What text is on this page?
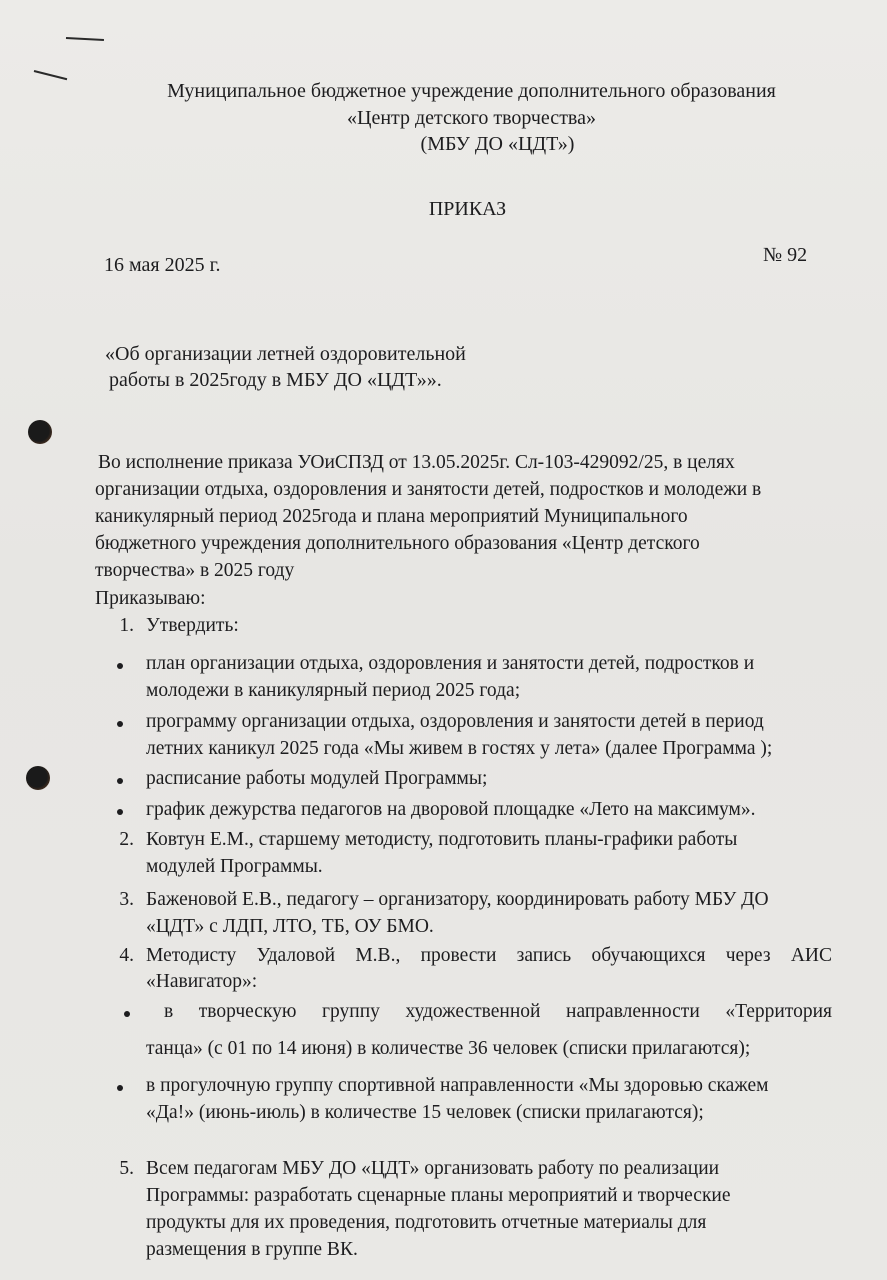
Муниципальное бюджетное учреждение дополнительного образования
«Центр детского творчества»
(МБУ ДО «ЦДТ»)
ПРИКАЗ
16 мая 2025 г.	№ 92
«Об организации летней оздоровительной
работы в 2025году в МБУ ДО «ЦДТ»».
Во исполнение приказа УОиСПЗД от 13.05.2025г. Сл-103-429092/25, в целях
организации отдыха, оздоровления и занятости детей, подростков и молодежи в
каникулярный период 2025года и плана мероприятий Муниципального
бюджетного учреждения дополнительного образования «Центр детского
творчества» в 2025 году
Приказываю:
1. Утвердить:
план организации отдыха, оздоровления и занятости детей, подростков и
молодежи в каникулярный период 2025 года;
программу организации отдыха, оздоровления и занятости детей в период
летних каникул 2025 года «Мы живем в гостях у лета» (далее Программа );
расписание работы модулей Программы;
график дежурства педагогов на дворовой площадке «Лето на максимум».
2. Ковтун Е.М., старшему методисту, подготовить планы-графики работы
модулей Программы.
3. Баженовой Е.В., педагогу – организатору, координировать работу МБУ ДО
«ЦДТ» с ЛДП, ЛТО, ТБ, ОУ БМО.
4. Методисту Удаловой М.В., провести запись обучающихся через АИС
«Навигатор»:
в творческую группу художественной направленности «Территория
танца» (с 01 по 14 июня) в количестве 36 человек (списки прилагаются);
в прогулочную группу спортивной направленности «Мы здоровью скажем
«Да!» (июнь-июль) в количестве 15 человек (списки прилагаются);
5. Всем педагогам МБУ ДО «ЦДТ» организовать работу по реализации
Программы: разработать сценарные планы мероприятий и творческие
продукты для их проведения, подготовить отчетные материалы для
размещения в группе ВК.
